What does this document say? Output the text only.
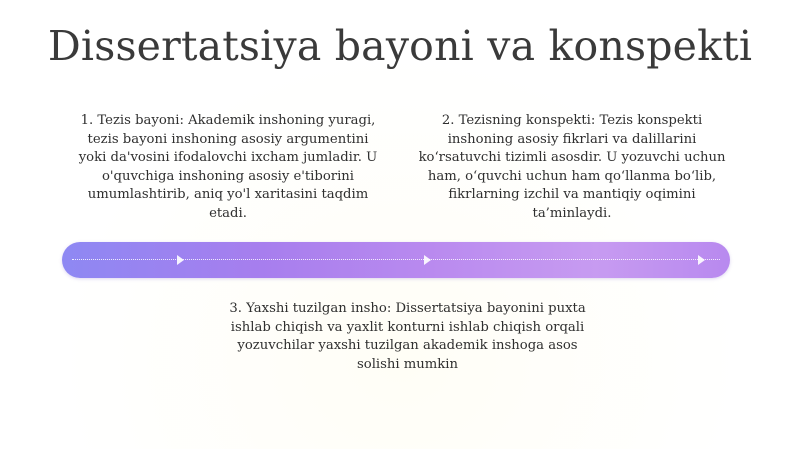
Dissertatsiya bayoni va konspekti
1. Tezis bayoni: Akademik inshoning yuragi, tezis bayoni inshoning asosiy argumentini yoki da'vosini ifodalovchi ixcham jumladir. U o'quvchiga inshoning asosiy e'tiborini umumlashtirib, aniq yo'l xaritasini taqdim etadi.
2. Tezisning konspekti: Tezis konspekti inshoning asosiy fikrlari va dalillarini ko‘rsatuvchi tizimli asosdir. U yozuvchi uchun ham, o‘quvchi uchun ham qo‘llanma bo‘lib, fikrlarning izchil va mantiqiy oqimini ta’minlaydi.
3. Yaxshi tuzilgan insho: Dissertatsiya bayonini puxta ishlab chiqish va yaxlit konturni ishlab chiqish orqali yozuvchilar yaxshi tuzilgan akademik inshoga asos solishi mumkin
